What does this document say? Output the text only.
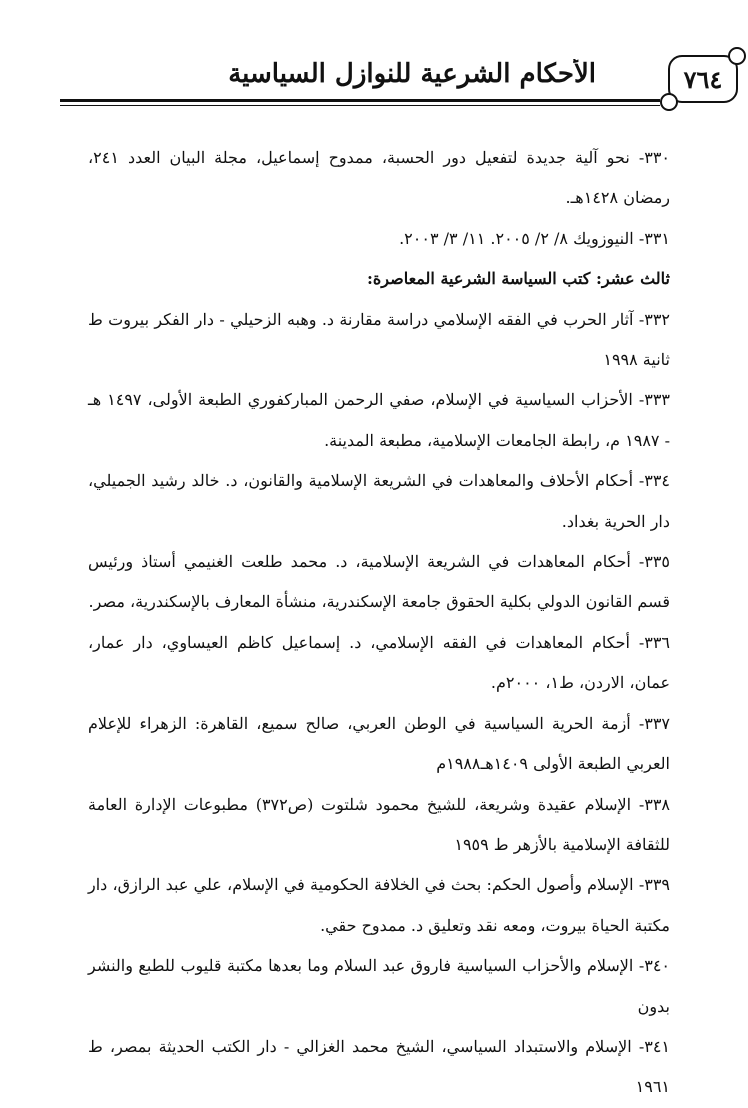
٧٦٤
الأحكام الشرعية للنوازل السياسية

٣٣٠- نحو آلية جديدة لتفعيل دور الحسبة، ممدوح إسماعيل، مجلة البيان العدد ٢٤١، رمضان ١٤٢٨هـ.

٣٣١- النيوزويك ٨/ ٢/ ٢٠٠٥. ١١/ ٣/ ٢٠٠٣.

ثالث عشر: كتب السياسة الشرعية المعاصرة:

٣٣٢- آثار الحرب في الفقه الإسلامي دراسة مقارنة د. وهبه الزحيلي - دار الفكر بيروت ط ثانية ١٩٩٨

٣٣٣- الأحزاب السياسية في الإسلام، صفي الرحمن المباركفوري الطبعة الأولى، ١٤٩٧ هـ - ١٩٨٧ م، رابطة الجامعات الإسلامية، مطبعة المدينة.

٣٣٤- أحكام الأحلاف والمعاهدات في الشريعة الإسلامية والقانون، د. خالد رشيد الجميلي، دار الحرية بغداد.

٣٣٥- أحكام المعاهدات في الشريعة الإسلامية، د. محمد طلعت الغنيمي أستاذ ورئيس قسم القانون الدولي بكلية الحقوق جامعة الإسكندرية، منشأة المعارف بالإسكندرية، مصر.

٣٣٦- أحكام المعاهدات في الفقه الإسلامي، د. إسماعيل كاظم العيساوي، دار عمار، عمان، الاردن، ط١، ٢٠٠٠م.

٣٣٧- أزمة الحرية السياسية في الوطن العربي، صالح سميع، القاهرة: الزهراء للإعلام العربي الطبعة الأولى ١٤٠٩هـ١٩٨٨م

٣٣٨- الإسلام عقيدة وشريعة، للشيخ محمود شلتوت (ص٣٧٢) مطبوعات الإدارة العامة للثقافة الإسلامية بالأزهر ط ١٩٥٩

٣٣٩- الإسلام وأصول الحكم: بحث في الخلافة الحكومية في الإسلام، علي عبد الرازق، دار مكتبة الحياة بيروت، ومعه نقد وتعليق د. ممدوح حقي.

٣٤٠- الإسلام والأحزاب السياسية فاروق عبد السلام وما بعدها مكتبة قليوب للطبع والنشر بدون

٣٤١- الإسلام والاستبداد السياسي، الشيخ محمد الغزالي - دار الكتب الحديثة بمصر، ط ١٩٦١
